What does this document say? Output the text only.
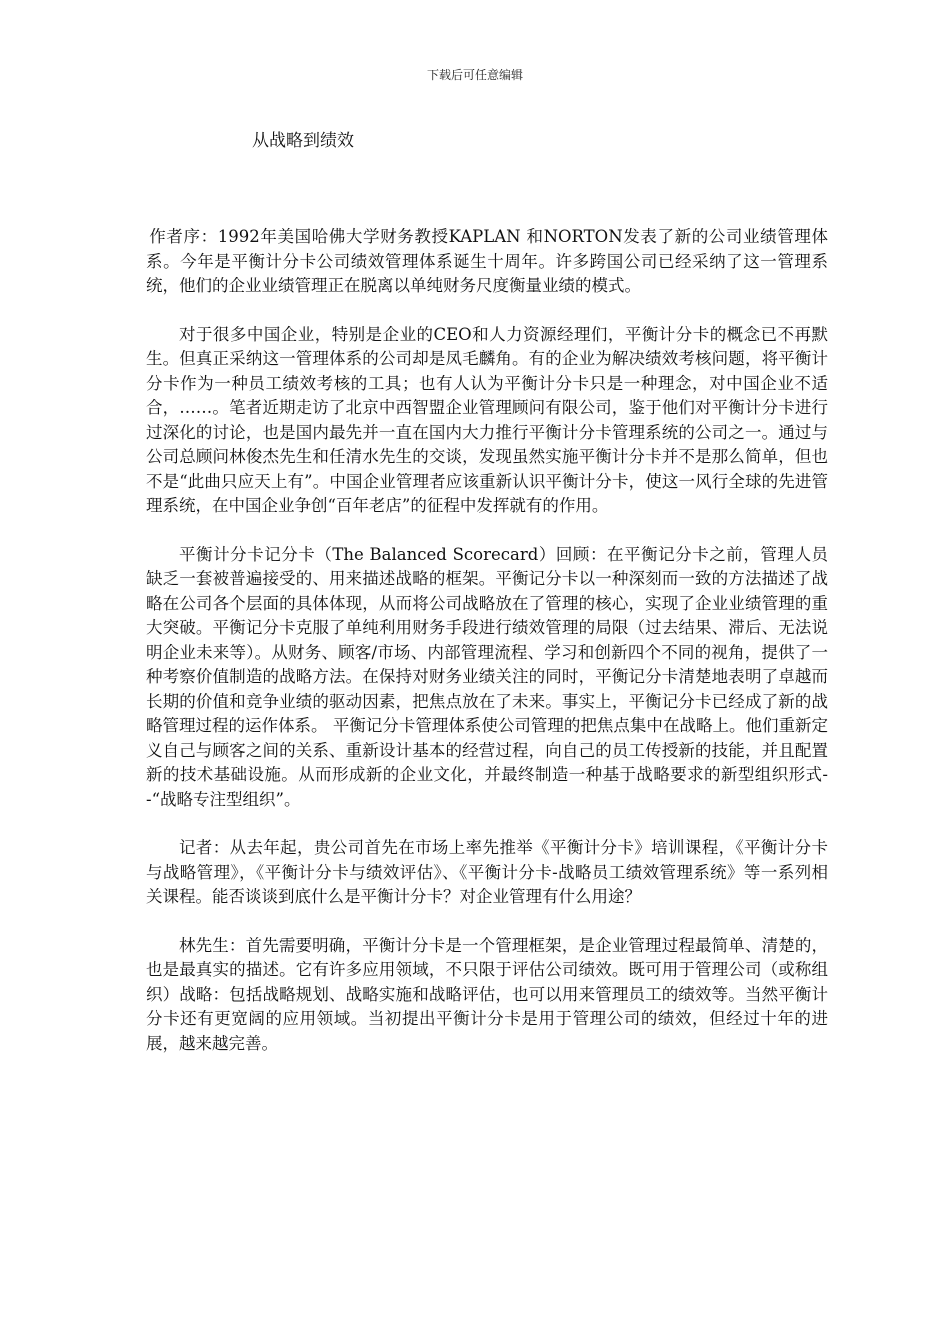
下载后可任意编辑
从战略到绩效

作者序：1992年美国哈佛大学财务教授KAPLAN 和NORTON发表了新的公司业绩管理体系。今年是平衡计分卡公司绩效管理体系诞生十周年。许多跨国公司已经采纳了这一管理系统，他们的企业业绩管理正在脱离以单纯财务尺度衡量业绩的模式。

对于很多中国企业，特别是企业的CEO和人力资源经理们，平衡计分卡的概念已不再默生。但真正采纳这一管理体系的公司却是凤毛麟角。有的企业为解决绩效考核问题，将平衡计分卡作为一种员工绩效考核的工具；也有人认为平衡计分卡只是一种理念，对中国企业不适合，……。笔者近期走访了北京中西智盟企业管理顾问有限公司，鉴于他们对平衡计分卡进行过深化的讨论，也是国内最先并一直在国内大力推行平衡计分卡管理系统的公司之一。通过与公司总顾问林俊杰先生和任清水先生的交谈，发现虽然实施平衡计分卡并不是那么简单，但也不是“此曲只应天上有”。中国企业管理者应该重新认识平衡计分卡，使这一风行全球的先进管理系统，在中国企业争创“百年老店”的征程中发挥就有的作用。

平衡计分卡记分卡（The Balanced Scorecard）回顾：在平衡记分卡之前，管理人员缺乏一套被普遍接受的、用来描述战略的框架。平衡记分卡以一种深刻而一致的方法描述了战略在公司各个层面的具体体现，从而将公司战略放在了管理的核心，实现了企业业绩管理的重大突破。平衡记分卡克服了单纯利用财务手段进行绩效管理的局限（过去结果、滞后、无法说明企业未来等）。从财务、顾客/市场、内部管理流程、学习和创新四个不同的视角，提供了一种考察价值制造的战略方法。在保持对财务业绩关注的同时，平衡记分卡清楚地表明了卓越而长期的价值和竞争业绩的驱动因素，把焦点放在了未来。事实上，平衡记分卡已经成了新的战略管理过程的运作体系。 平衡记分卡管理体系使公司管理的把焦点集中在战略上。他们重新定义自己与顾客之间的关系、重新设计基本的经营过程，向自己的员工传授新的技能，并且配置新的技术基础设施。从而形成新的企业文化，并最终制造一种基于战略要求的新型组织形式--“战略专注型组织”。

记者：从去年起，贵公司首先在市场上率先推举《平衡计分卡》培训课程，《平衡计分卡与战略管理》，《平衡计分卡与绩效评估》、《平衡计分卡-战略员工绩效管理系统》等一系列相关课程。能否谈谈到底什么是平衡计分卡？对企业管理有什么用途？

林先生：首先需要明确，平衡计分卡是一个管理框架，是企业管理过程最简单、清楚的，也是最真实的描述。它有许多应用领域，不只限于评估公司绩效。既可用于管理公司（或称组织）战略：包括战略规划、战略实施和战略评估，也可以用来管理员工的绩效等。当然平衡计分卡还有更宽阔的应用领域。当初提出平衡计分卡是用于管理公司的绩效，但经过十年的进展，越来越完善。
